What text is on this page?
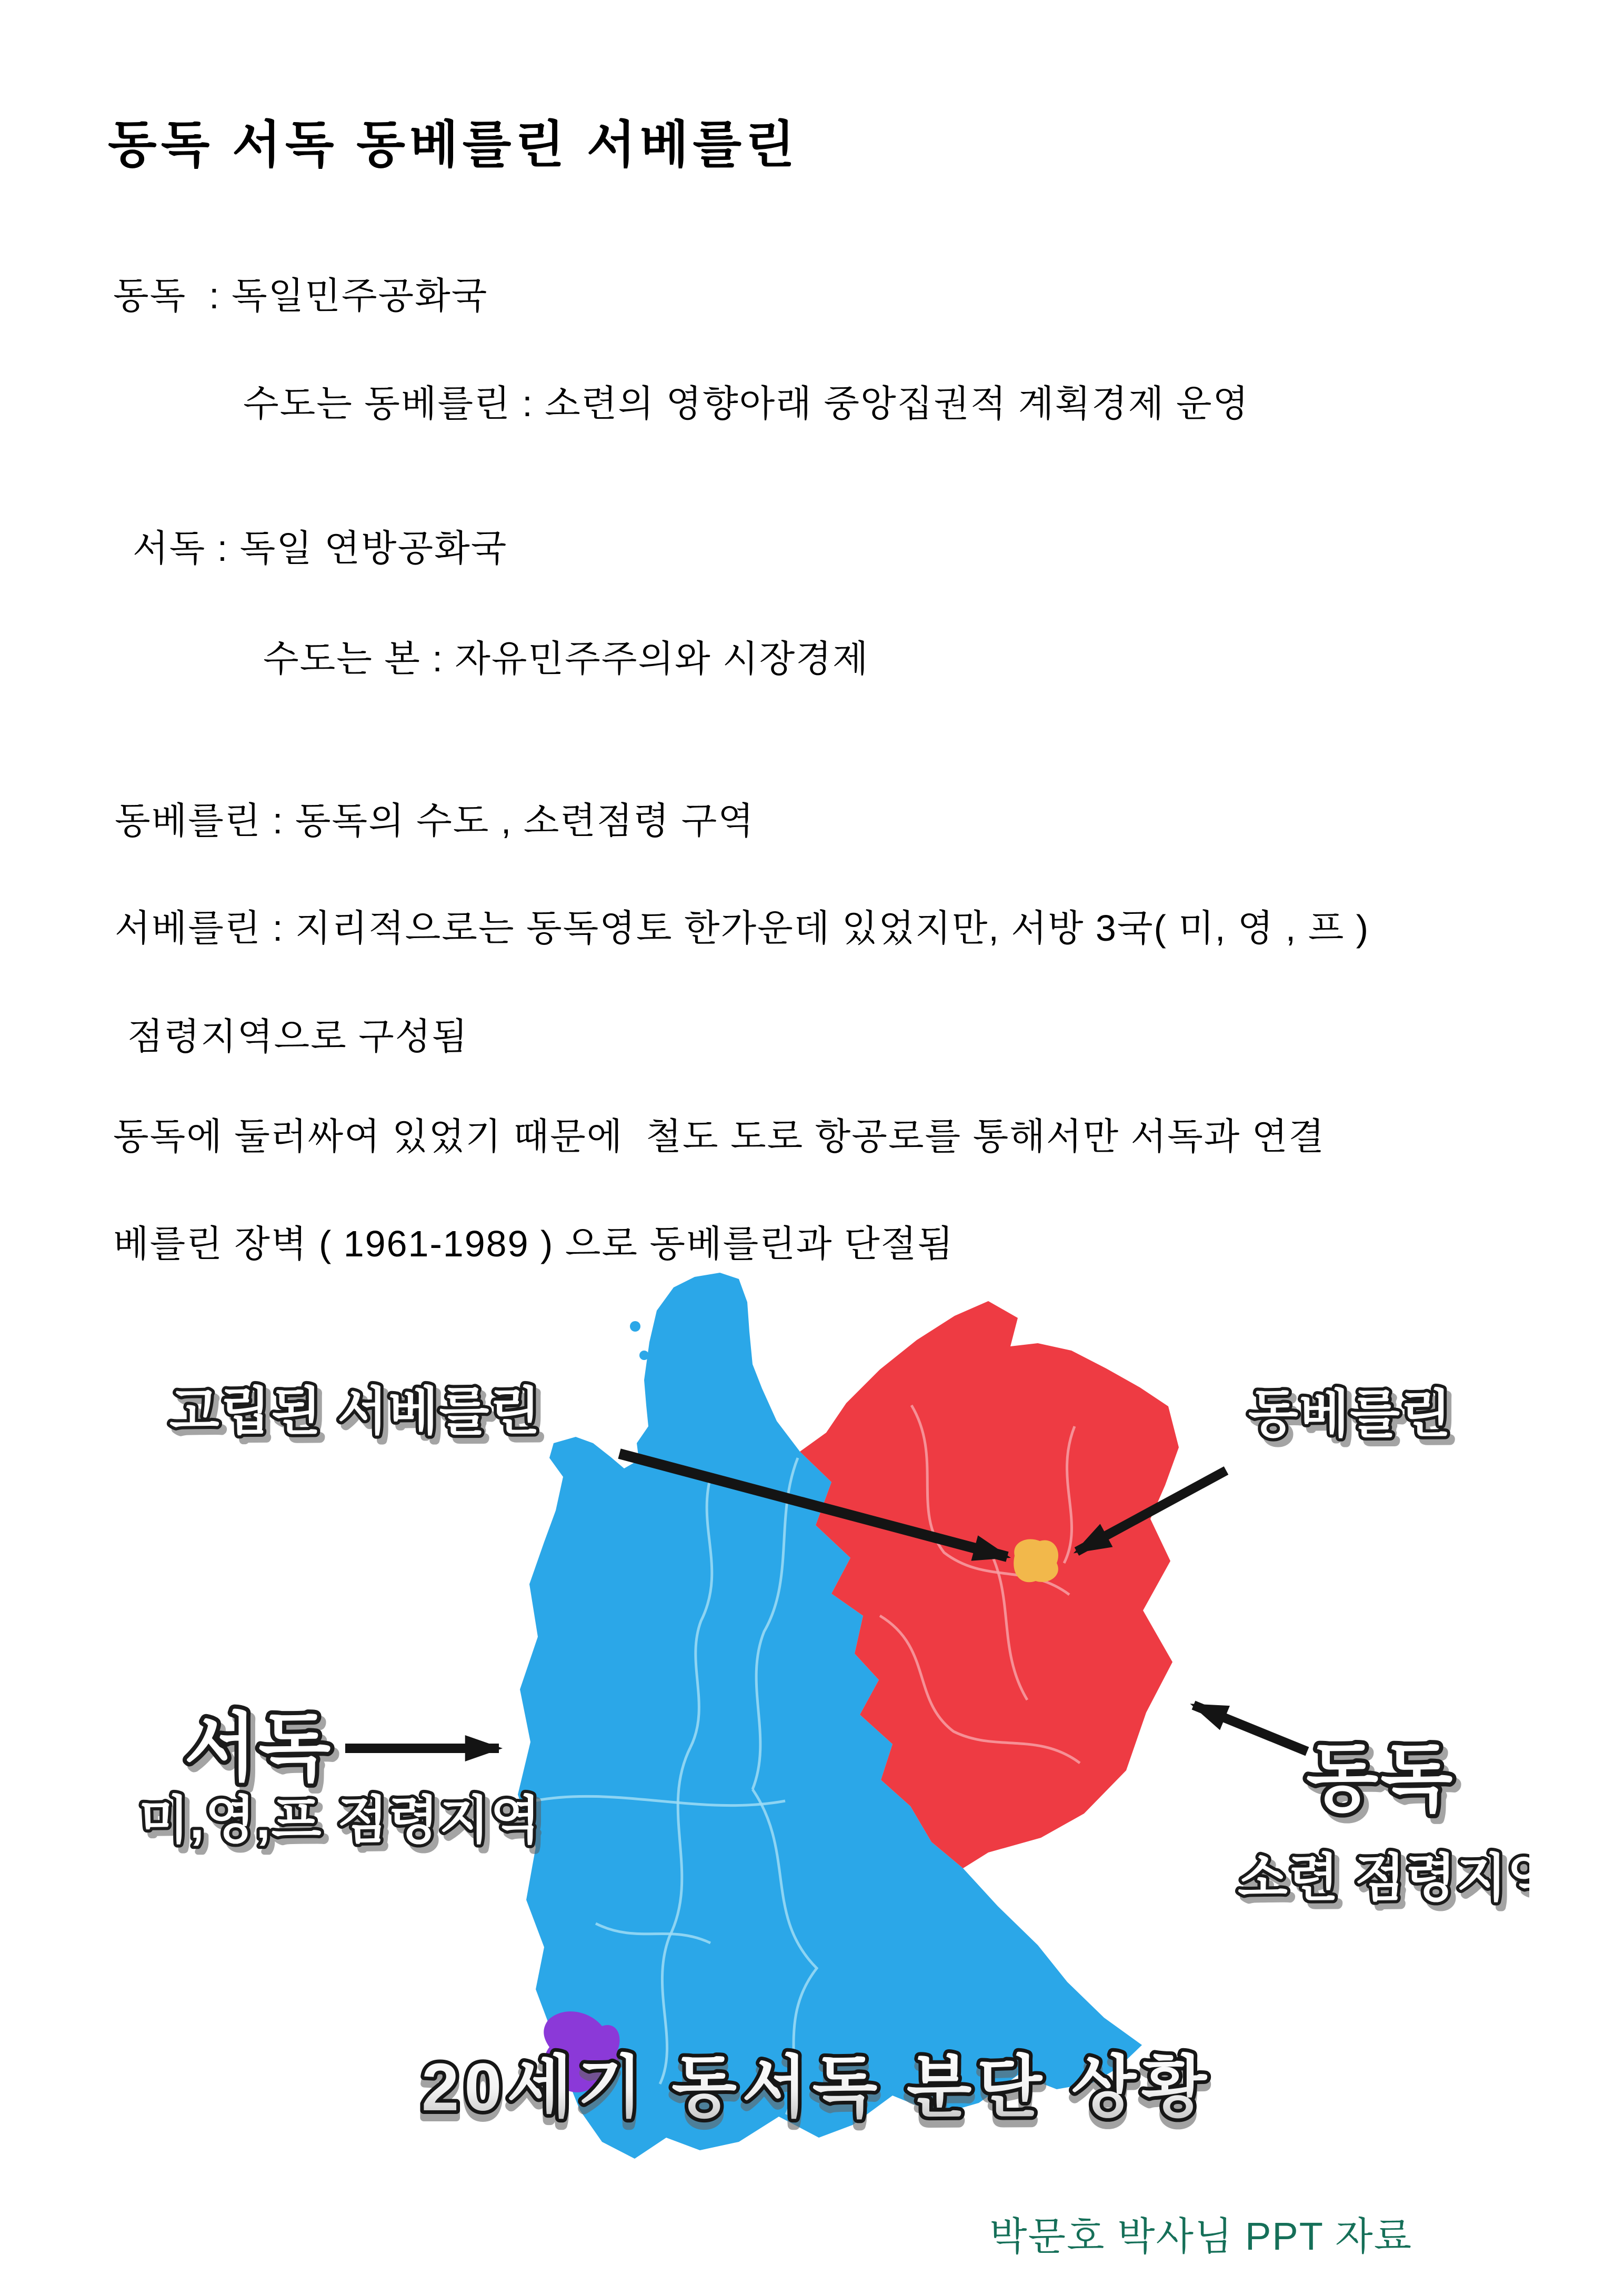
동독 서독 동베를린 서베를린

동독  : 독일민주공화국

수도는 동베를린 : 소련의 영향아래 중앙집권적 계획경제 운영

서독 : 독일 연방공화국

수도는 본 : 자유민주주의와 시장경제

동베를린 : 동독의 수도 , 소련점령 구역

서베를린 : 지리적으로는 동독영토 한가운데 있었지만, 서방 3국( 미, 영 , 프 )

점령지역으로 구성됨

동독에 둘러싸여 있었기 때문에  철도 도로 항공로를 통해서만 서독과 연결

베를린 장벽 ( 1961-1989 ) 으로 동베를린과 단절됨

고립된 서베를린	동베를린
서독
미,영,프 점령지역	동독
소련 점령지역
20세기 동서독 분단 상황
박문호 박사님 PPT 자료
